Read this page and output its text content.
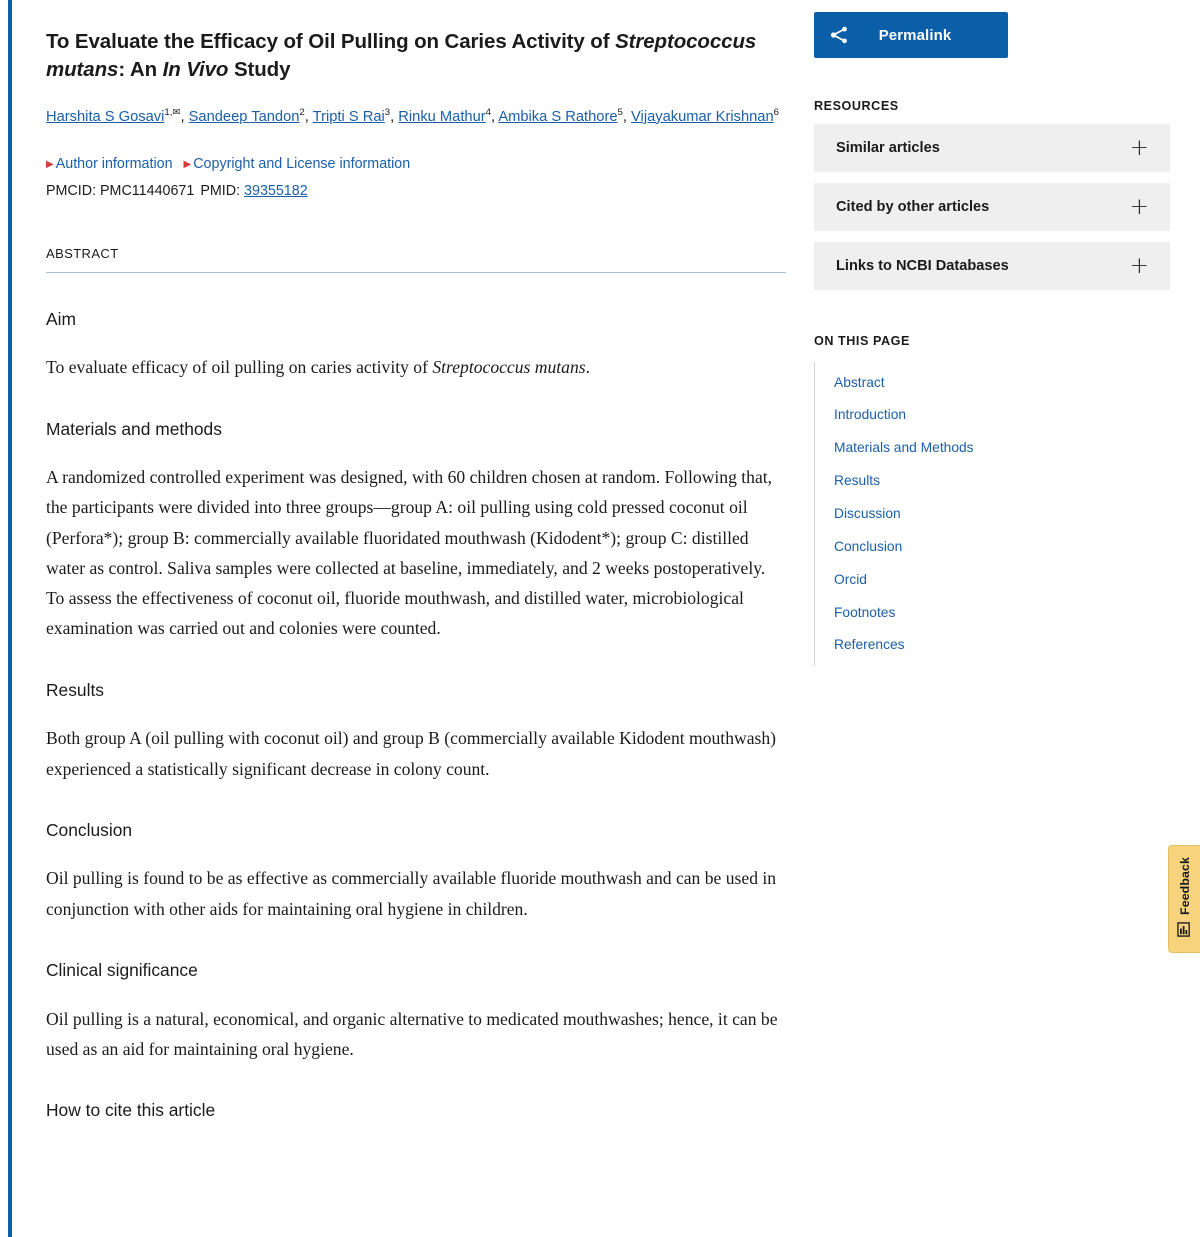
To Evaluate the Efficacy of Oil Pulling on Caries Activity of Streptococcus mutans: An In Vivo Study
Harshita S Gosavi$^{1,✉}$, Sandeep Tandon$^2$, Tripti S Rai$^3$, Rinku Mathur$^4$, Ambika S Rathore$^5$, Vijayakumar Krishnan$^6$
▶ Author information ▶ Copyright and License information
PMCID: PMC11440671 PMID: 39355182
abstract
Aim

To evaluate efficacy of oil pulling on caries activity of Streptococcus mutans.

Materials and methods

A randomized controlled experiment was designed, with 60 children chosen at random. Following that, the participants were divided into three groups—group A: oil pulling using cold pressed coconut oil (Perfora*); group B: commercially available fluoridated mouthwash (Kidodent*); group C: distilled water as control. Saliva samples were collected at baseline, immediately, and 2 weeks postoperatively. To assess the effectiveness of coconut oil, fluoride mouthwash, and distilled water, microbiological examination was carried out and colonies were counted.

Results

Both group A (oil pulling with coconut oil) and group B (commercially available Kidodent mouthwash) experienced a statistically significant decrease in colony count.

Conclusion

Oil pulling is found to be as effective as commercially available fluoride mouthwash and can be used in conjunction with other aids for maintaining oral hygiene in children.

Clinical significance

Oil pulling is a natural, economical, and organic alternative to medicated mouthwashes; hence, it can be used as an aid for maintaining oral hygiene.

How to cite this article
Permalink
RESOURCES
Similar articles	+
Cited by other articles	+
Links to NCBI Databases	+
ON THIS PAGE
Abstract
Introduction
Materials and Methods
Results
Discussion
Conclusion
Orcid
Footnotes
References
Feedback
